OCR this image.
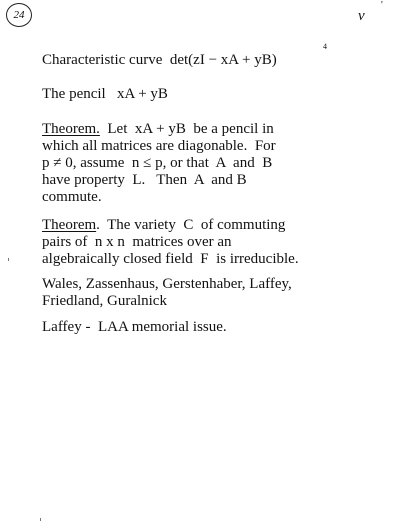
24	v
'
4
Characteristic curve  det(zI − xA + yB)
The pencil   xA + yB
Theorem.  Let  xA + yB  be a pencil in
which all matrices are diagonable.  For
p ≠ 0, assume  n ≤ p, or that  A  and  B
have property  L.   Then  A  and B
commute.
Theorem.  The variety  C  of commuting
pairs of  n x n  matrices over an
algebraically closed field  F  is irreducible.
Wales, Zassenhaus, Gerstenhaber, Laffey,
Friedland, Guralnick
Laffey -  LAA memorial issue.
